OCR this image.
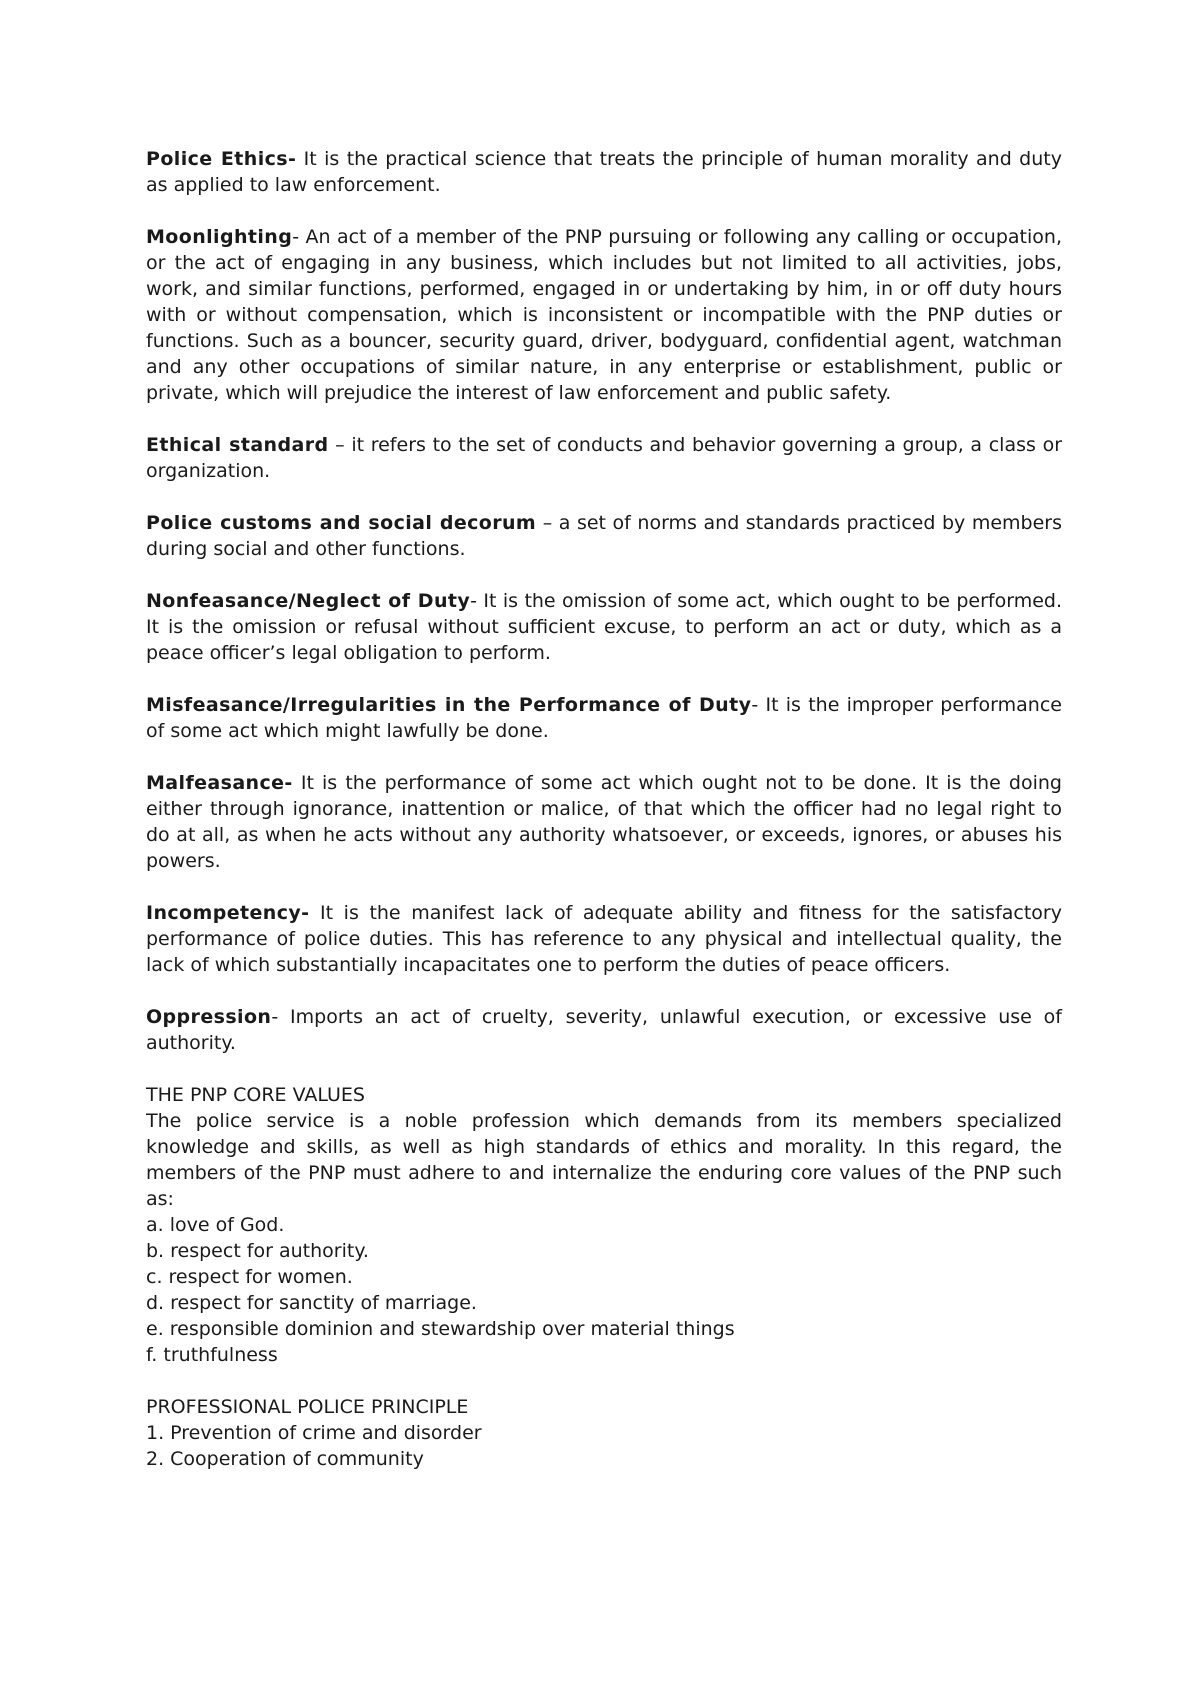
Police Ethics- It is the practical science that treats the principle of human morality and duty as applied to law enforcement.

Moonlighting- An act of a member of the PNP pursuing or following any calling or occupation, or the act of engaging in any business, which includes but not limited to all activities, jobs, work, and similar functions, performed, engaged in or undertaking by him, in or off duty hours with or without compensation, which is inconsistent or incompatible with the PNP duties or functions. Such as a bouncer, security guard, driver, bodyguard, confidential agent, watchman and any other occupations of similar nature, in any enterprise or establishment, public or private, which will prejudice the interest of law enforcement and public safety.

Ethical standard – it refers to the set of conducts and behavior governing a group, a class or organization.

Police customs and social decorum – a set of norms and standards practiced by members during social and other functions.

Nonfeasance/Neglect of Duty- It is the omission of some act, which ought to be performed. It is the omission or refusal without sufficient excuse, to perform an act or duty, which as a peace officer’s legal obligation to perform.

Misfeasance/Irregularities in the Performance of Duty- It is the improper performance of some act which might lawfully be done.

Malfeasance- It is the performance of some act which ought not to be done. It is the doing either through ignorance, inattention or malice, of that which the officer had no legal right to do at all, as when he acts without any authority whatsoever, or exceeds, ignores, or abuses his powers.

Incompetency- It is the manifest lack of adequate ability and fitness for the satisfactory performance of police duties. This has reference to any physical and intellectual quality, the lack of which substantially incapacitates one to perform the duties of peace officers.

Oppression- Imports an act of cruelty, severity, unlawful execution, or excessive use of authority.

THE PNP CORE VALUES

The police service is a noble profession which demands from its members specialized knowledge and skills, as well as high standards of ethics and morality. In this regard, the members of the PNP must adhere to and internalize the enduring core values of the PNP such as:

a. love of God.

b. respect for authority.

c. respect for women.

d. respect for sanctity of marriage.

e. responsible dominion and stewardship over material things

f. truthfulness

PROFESSIONAL POLICE PRINCIPLE

1. Prevention of crime and disorder

2. Cooperation of community
